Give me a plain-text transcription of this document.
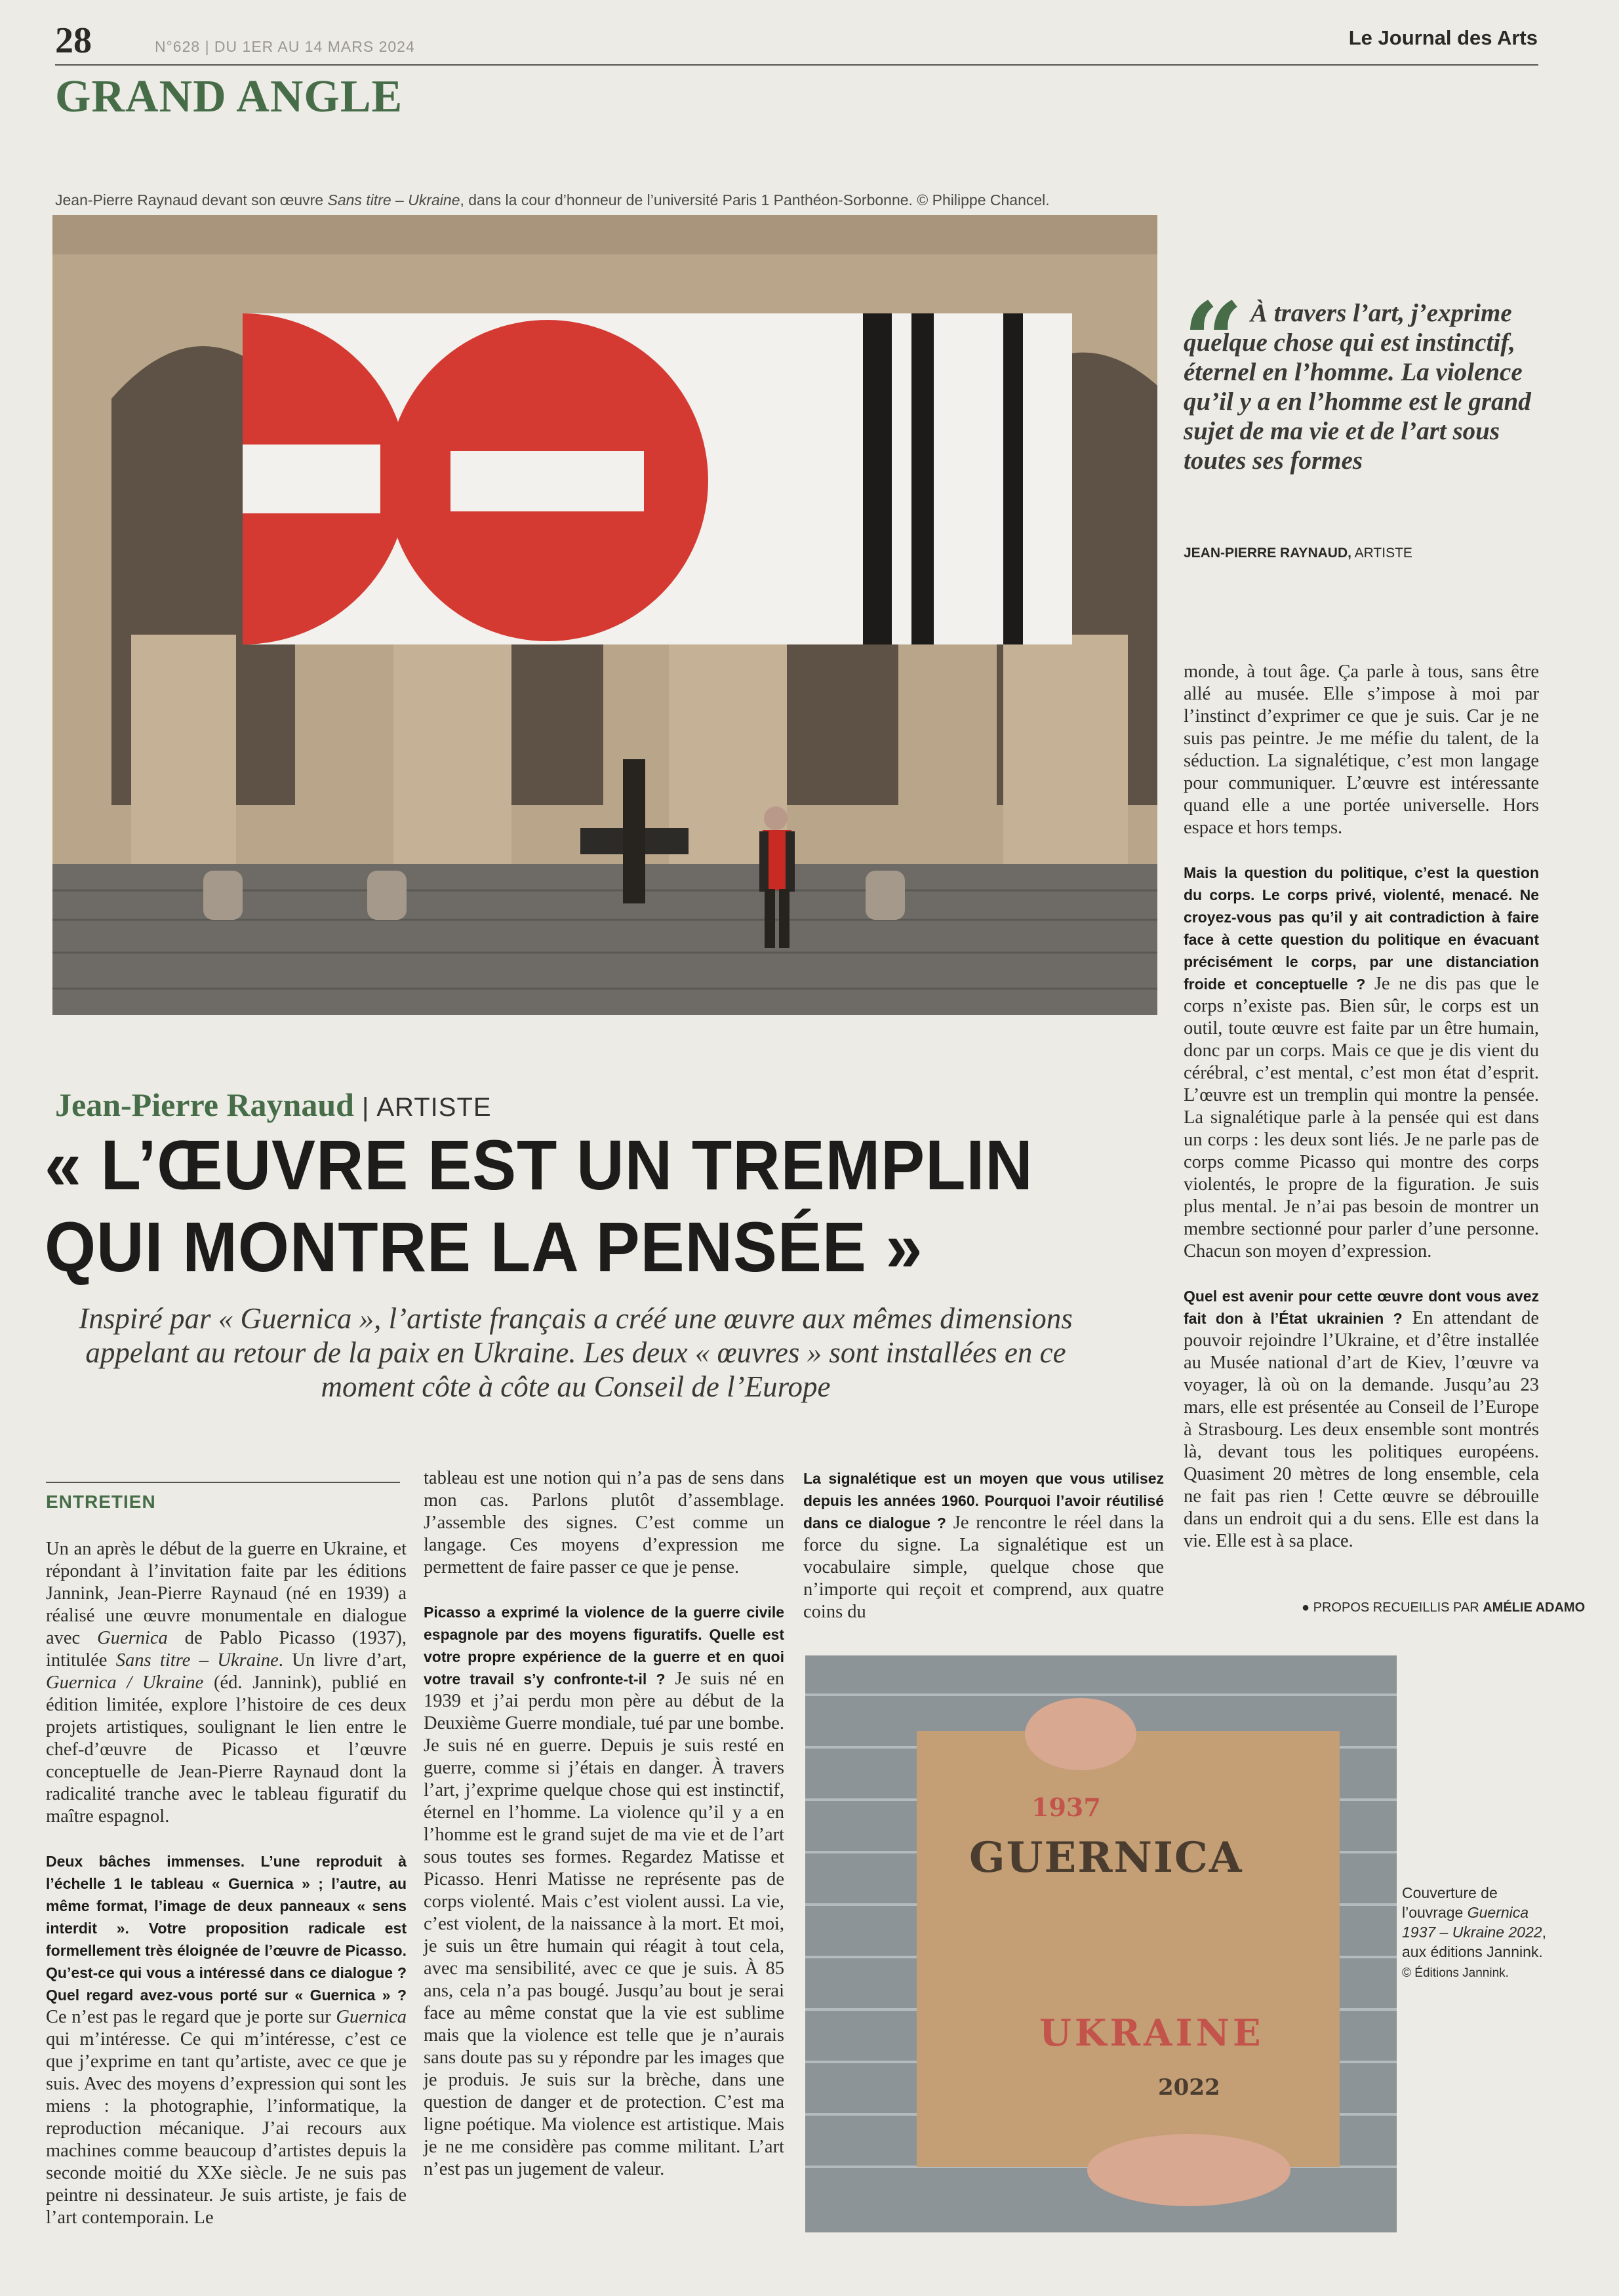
28	N°628 | DU 1ER AU 14 MARS 2024	Le Journal des Arts
GRAND ANGLE
Jean-Pierre Raynaud devant son œuvre Sans titre – Ukraine, dans la cour d’honneur de l’université Paris 1 Panthéon-Sorbonne. © Philippe Chancel.
“ À travers l’art, j’exprime quelque chose qui est instinctif, éternel en l’homme. La violence qu’il y a en l’homme est le grand sujet de ma vie et de l’art sous toutes ses formes
JEAN-PIERRE RAYNAUD, ARTISTE
Jean-Pierre Raynaud | ARTISTE
« L’ŒUVRE EST UN TREMPLIN
QUI MONTRE LA PENSÉE »
Inspiré par « Guernica », l’artiste français a créé une œuvre aux mêmes dimensions appelant au retour de la paix en Ukraine. Les deux « œuvres » sont installées en ce moment côte à côte au Conseil de l’Europe
ENTRETIEN

Un an après le début de la guerre en Ukraine, et répondant à l’invitation faite par les éditions Jannink, Jean-Pierre Raynaud (né en 1939) a réalisé une œuvre monumentale en dialogue avec Guernica de Pablo Picasso (1937), intitulée Sans titre – Ukraine. Un livre d’art, Guernica / Ukraine (éd. Jannink), publié en édition limitée, explore l’histoire de ces deux projets artistiques, soulignant le lien entre le chef-d’œuvre de Picasso et l’œuvre conceptuelle de Jean-Pierre Raynaud dont la radicalité tranche avec le tableau figuratif du maître espagnol.

Deux bâches immenses. L’une reproduit à l’échelle 1 le tableau « Guernica » ; l’autre, au même format, l’image de deux panneaux « sens interdit ». Votre proposition radicale est formellement très éloignée de l’œuvre de Picasso. Qu’est-ce qui vous a intéressé dans ce dialogue ? Quel regard avez-vous porté sur « Guernica » ? Ce n’est pas le regard que je porte sur Guernica qui m’intéresse. Ce qui m’intéresse, c’est ce que j’exprime en tant qu’artiste, avec ce que je suis. Avec des moyens d’expression qui sont les miens : la photographie, l’informatique, la reproduction mécanique. J’ai recours aux machines comme beaucoup d’artistes depuis la seconde moitié du XXe siècle. Je ne suis pas peintre ni dessinateur. Je suis artiste, je fais de l’art contemporain. Le

tableau est une notion qui n’a pas de sens dans mon cas. Parlons plutôt d’assemblage. J’assemble des signes. C’est comme un langage. Ces moyens d’expression me permettent de faire passer ce que je pense.

Picasso a exprimé la violence de la guerre civile espagnole par des moyens figuratifs. Quelle est votre propre expérience de la guerre et en quoi votre travail s’y confronte-t-il ? Je suis né en 1939 et j’ai perdu mon père au début de la Deuxième Guerre mondiale, tué par une bombe. Je suis né en guerre. Depuis je suis resté en guerre, comme si j’étais en danger. À travers l’art, j’exprime quelque chose qui est instinctif, éternel en l’homme. La violence qu’il y a en l’homme est le grand sujet de ma vie et de l’art sous toutes ses formes. Regardez Matisse et Picasso. Henri Matisse ne représente pas de corps violenté. Mais c’est violent aussi. La vie, c’est violent, de la naissance à la mort. Et moi, je suis un être humain qui réagit à tout cela, avec ma sensibilité, avec ce que je suis. À 85 ans, cela n’a pas bougé. Jusqu’au bout je serai face au même constat que la vie est sublime mais que la violence est telle que je n’aurais sans doute pas su y répondre par les images que je produis. Je suis sur la brèche, dans une question de danger et de protection. C’est ma ligne poétique. Ma violence est artistique. Mais je ne me considère pas comme militant. L’art n’est pas un jugement de valeur.

La signalétique est un moyen que vous utilisez depuis les années 1960. Pourquoi l’avoir réutilisé dans ce dialogue ? Je rencontre le réel dans la force du signe. La signalétique est un vocabulaire simple, quelque chose que n’importe qui reçoit et comprend, aux quatre coins du

monde, à tout âge. Ça parle à tous, sans être allé au musée. Elle s’impose à moi par l’instinct d’exprimer ce que je suis. Car je ne suis pas peintre. Je me méfie du talent, de la séduction. La signalétique, c’est mon langage pour communiquer. L’œuvre est intéressante quand elle a une portée universelle. Hors espace et hors temps.

Mais la question du politique, c’est la question du corps. Le corps privé, violenté, menacé. Ne croyez-vous pas qu’il y ait contradiction à faire face à cette question du politique en évacuant précisément le corps, par une distanciation froide et conceptuelle ? Je ne dis pas que le corps n’existe pas. Bien sûr, le corps est un outil, toute œuvre est faite par un être humain, donc par un corps. Mais ce que je dis vient du cérébral, c’est mental, c’est mon état d’esprit. L’œuvre est un tremplin qui montre la pensée. La signalétique parle à la pensée qui est dans un corps : les deux sont liés. Je ne parle pas de corps comme Picasso qui montre des corps violentés, le propre de la figuration. Je suis plus mental. Je n’ai pas besoin de montrer un membre sectionné pour parler d’une personne. Chacun son moyen d’expression.

Quel est avenir pour cette œuvre dont vous avez fait don à l’État ukrainien ? En attendant de pouvoir rejoindre l’Ukraine, et d’être installée au Musée national d’art de Kiev, l’œuvre va voyager, là où on la demande. Jusqu’au 23 mars, elle est présentée au Conseil de l’Europe à Strasbourg. Les deux ensemble sont montrés là, devant tous les politiques européens. Quasiment 20 mètres de long ensemble, cela ne fait pas rien ! Cette œuvre se débrouille dans un endroit qui a du sens. Elle est dans la vie. Elle est à sa place.

● PROPOS RECUEILLIS PAR AMÉLIE ADAMO
1937
GUERNICA
UKRAINE
2022
Couverture de l’ouvrage Guernica 1937 – Ukraine 2022, aux éditions Jannink.
© Éditions Jannink.
